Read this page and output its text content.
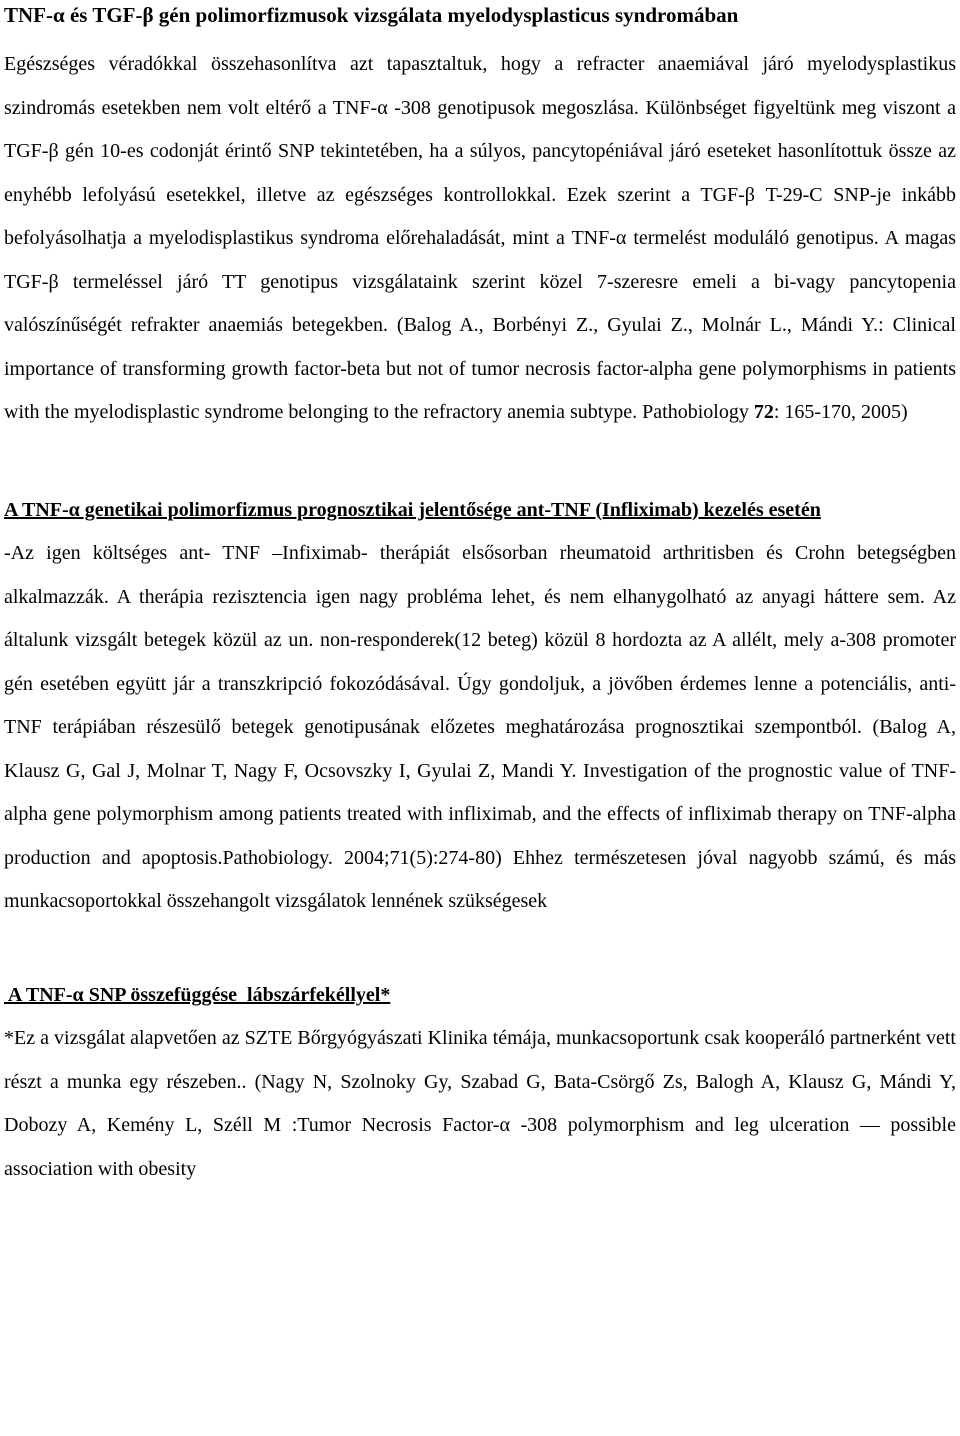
TNF-α és TGF-β gén polimorfizmusok vizsgálata myelodysplasticus syndromában

Egészséges véradókkal összehasonlítva azt tapasztaltuk, hogy a refracter anaemiával járó myelodysplastikus szindromás esetekben nem volt eltérő a TNF-α -308 genotipusok megoszlása. Különbséget figyeltünk meg viszont a TGF-β gén 10-es codonját érintő SNP tekintetében, ha a súlyos, pancytopéniával járó eseteket hasonlítottuk össze az enyhébb lefolyású esetekkel, illetve az egészséges kontrollokkal. Ezek szerint a TGF-β T-29-C SNP-je inkább befolyásolhatja a myelodisplastikus syndroma előrehaladását, mint a TNF-α termelést moduláló genotipus. A magas TGF-β termeléssel járó TT genotipus vizsgálataink szerint közel 7-szeresre emeli a bi-vagy pancytopenia valószínűségét refrakter anaemiás betegekben. (Balog A., Borbényi Z., Gyulai Z., Molnár L., Mándi Y.: Clinical importance of transforming growth factor-beta but not of tumor necrosis factor-alpha gene polymorphisms in patients with the myelodisplastic syndrome belonging to the refractory anemia subtype. Pathobiology 72: 165-170, 2005)

A TNF-α genetikai polimorfizmus prognosztikai jelentősége ant-TNF (Infliximab) kezelés esetén

-Az igen költséges ant- TNF –Infiximab- therápiát elsősorban rheumatoid arthritisben és Crohn betegségben alkalmazzák. A therápia rezisztencia igen nagy probléma lehet, és nem elhanygolható az anyagi háttere sem. Az általunk vizsgált betegek közül az un. non-responderek(12 beteg) közül 8 hordozta az A allélt, mely a-308 promoter gén esetében együtt jár a transzkripció fokozódásával. Úgy gondoljuk, a jövőben érdemes lenne a potenciális, anti-TNF terápiában részesülő betegek genotipusának előzetes meghatározása prognosztikai szempontból. (Balog A, Klausz G, Gal J, Molnar T, Nagy F, Ocsovszky I, Gyulai Z, Mandi Y. Investigation of the prognostic value of TNF-alpha gene polymorphism among patients treated with infliximab, and the effects of infliximab therapy on TNF-alpha production and apoptosis.Pathobiology. 2004;71(5):274-80) Ehhez természetesen jóval nagyobb számú, és más munkacsoportokkal összehangolt vizsgálatok lennének szükségesek

A TNF-α SNP összefüggése  lábszárfekéllyel*

*Ez a vizsgálat alapvetően az SZTE Bőrgyógyászati Klinika témája, munkacsoportunk csak kooperáló partnerként vett részt a munka egy részeben.. (Nagy N, Szolnoky Gy, Szabad G, Bata-Csörgő Zs, Balogh A, Klausz G, Mándi Y, Dobozy A, Kemény L, Széll M :Tumor Necrosis Factor-α -308 polymorphism and leg ulceration — possible association with obesity
